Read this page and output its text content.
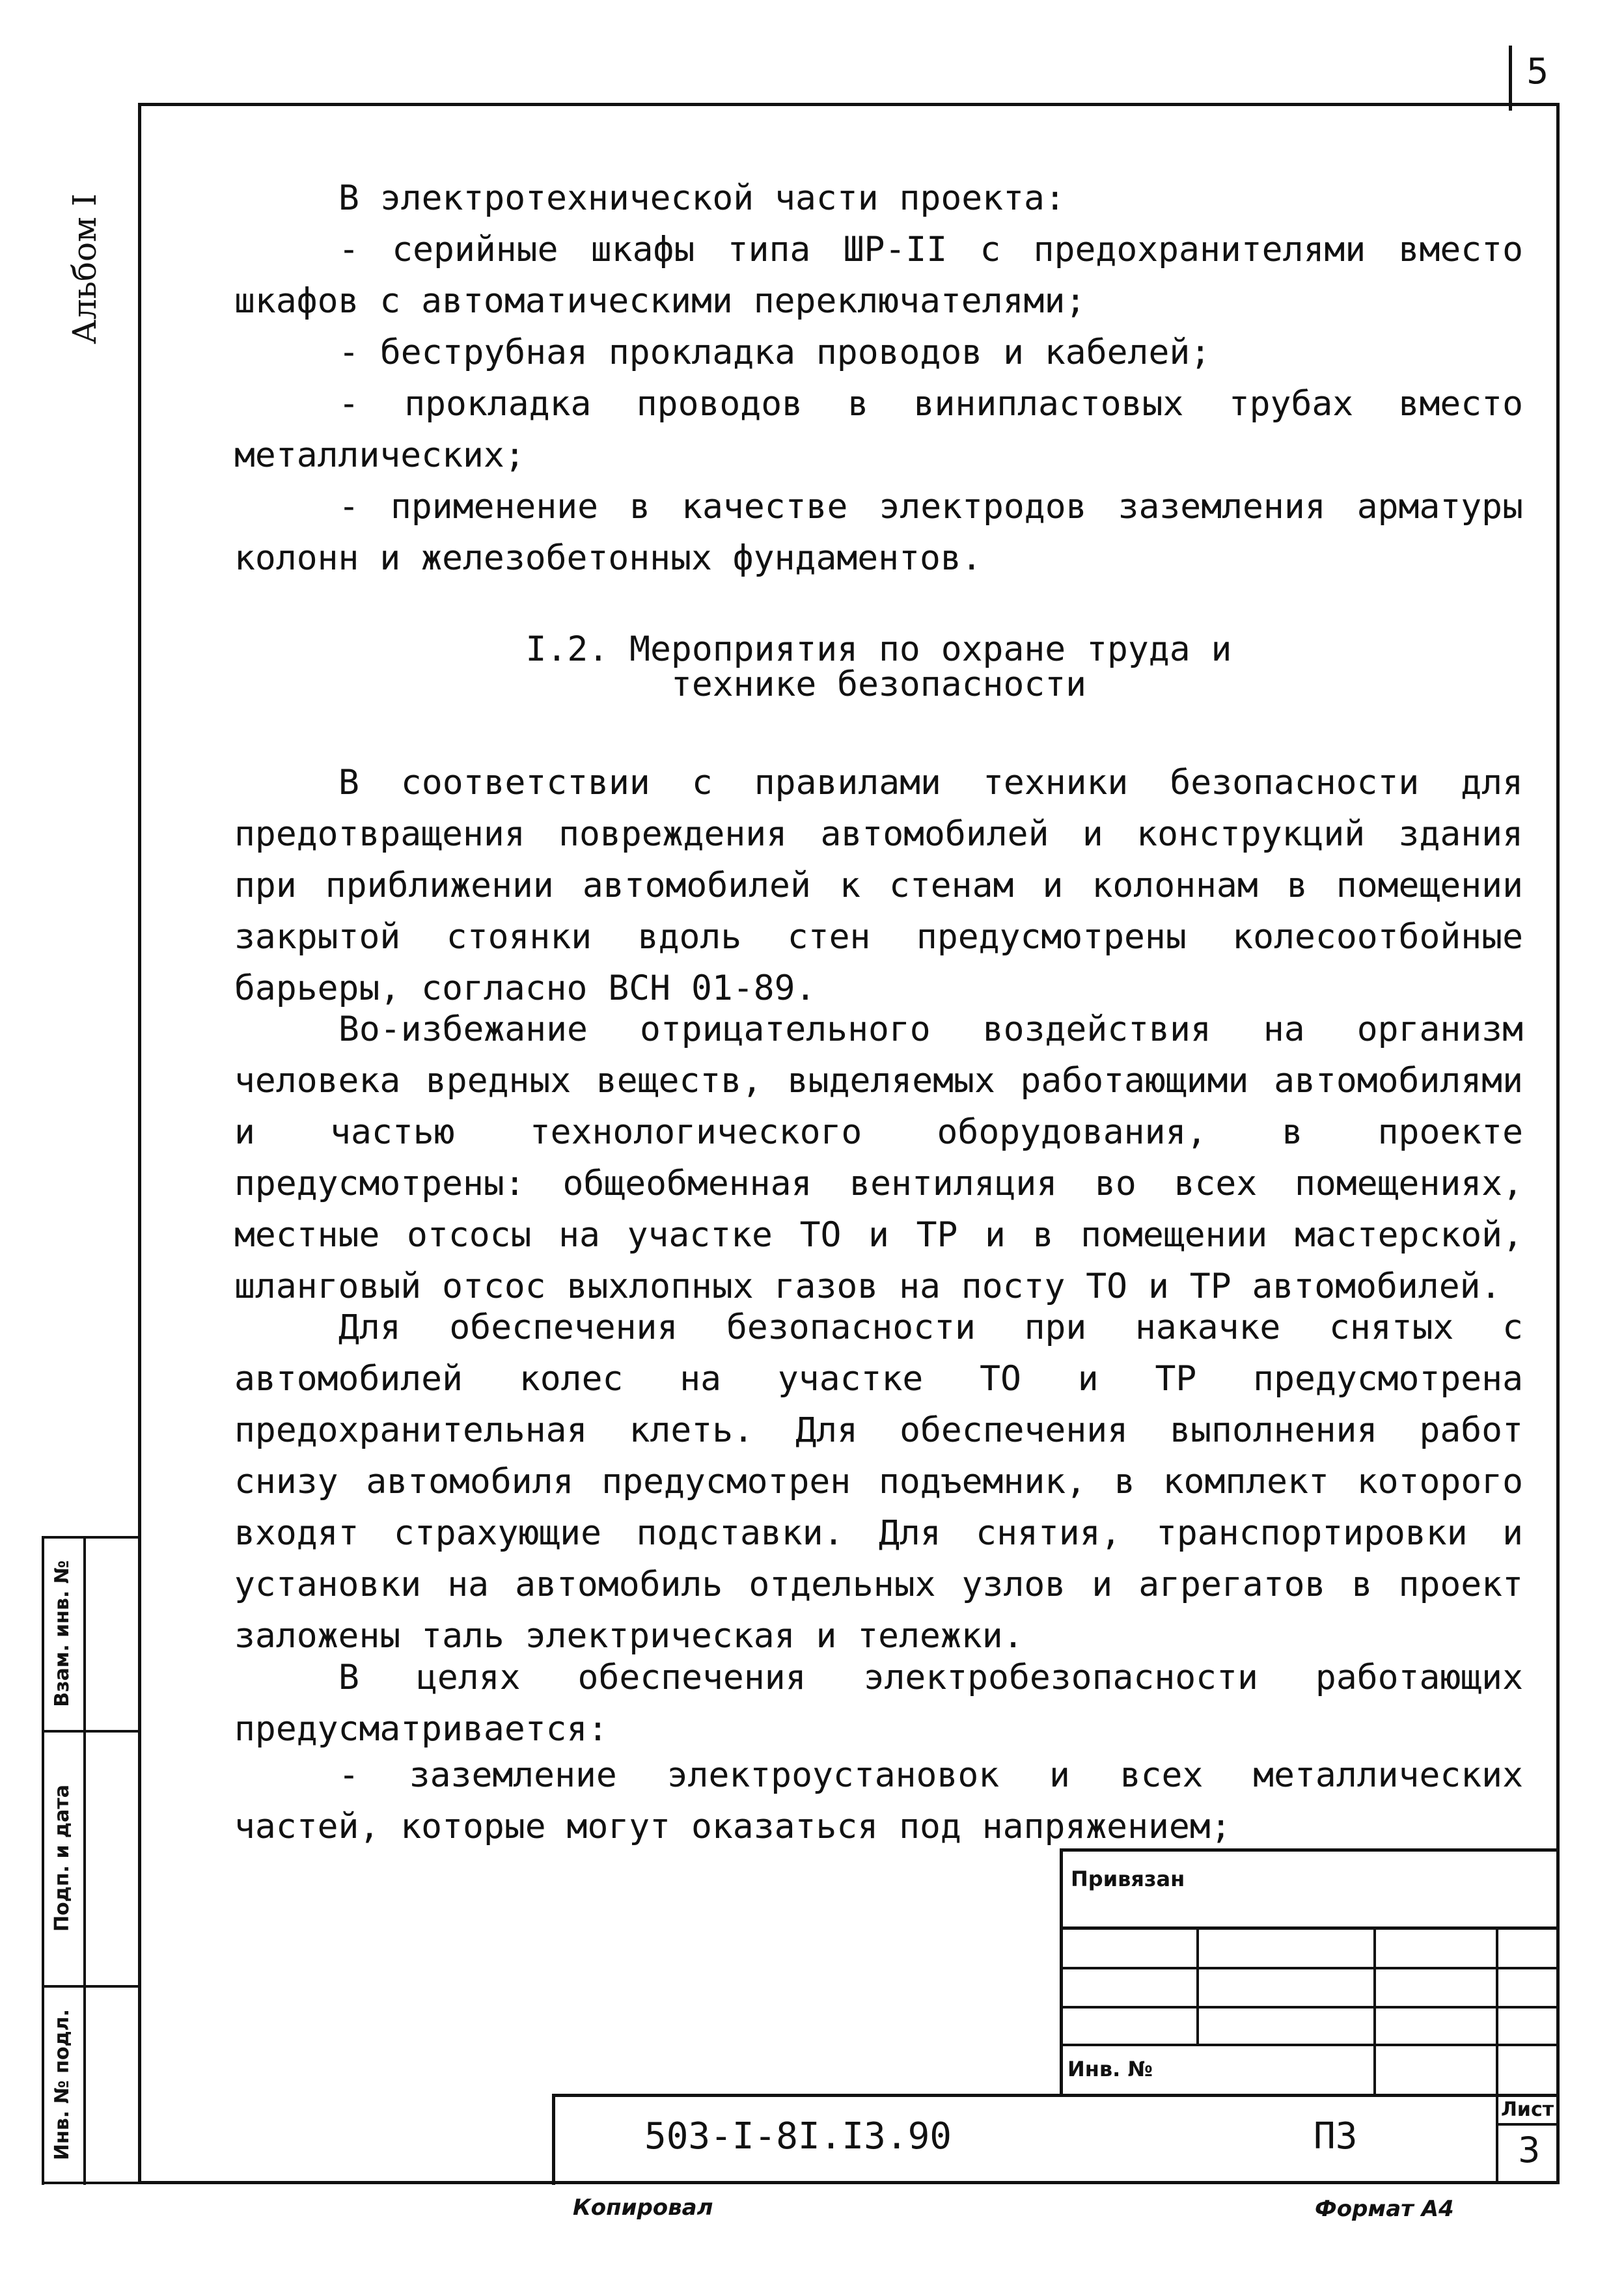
5
Альбом I
Взам. инв. №
Подп. и дата
Инв. № подл.
В электротехнической части проекта:
- серийные шкафы типа ШР-II с предохранителями вместо шкафов с автоматическими переключателями;
- беструбная прокладка проводов и кабелей;
- прокладка проводов в винипластовых трубах вместо металлических;
- применение в качестве электродов заземления арматуры колонн и железобетонных фундаментов.
I.2. Мероприятия по охране труда и
технике безопасности
В соответствии с правилами техники безопасности для предотвращения повреждения автомобилей и конструкций здания при приближении автомобилей к стенам и колоннам в помещении закрытой стоянки вдоль стен предусмотрены колесоотбойные барьеры, согласно ВСН 01-89.
Во-избежание отрицательного воздействия на организм человека вредных веществ, выделяемых работающими автомобилями и частью технологического оборудования, в проекте предусмотрены: общеобменная вентиляция во всех помещениях, местные отсосы на участке ТО и ТР и в помещении мастерской, шланговый отсос выхлопных газов на посту ТО и ТР автомобилей.
Для обеспечения безопасности при накачке снятых с автомобилей колес на участке ТО и ТР предусмотрена предохранительная клеть. Для обеспечения выполнения работ снизу автомобиля предусмотрен подъемник, в комплект которого входят страхующие подставки. Для снятия, транспортировки и установки на автомобиль отдельных узлов и агрегатов в проект заложены таль электрическая и тележки.
В целях обеспечения электробезопасности работающих предусматривается:
- заземление электроустановок и всех металлических частей, которые могут оказаться под напряжением;
Привязан
Инв. №
503-I-8I.I3.90	ПЗ
Лист
3
Копировал	Формат А4
